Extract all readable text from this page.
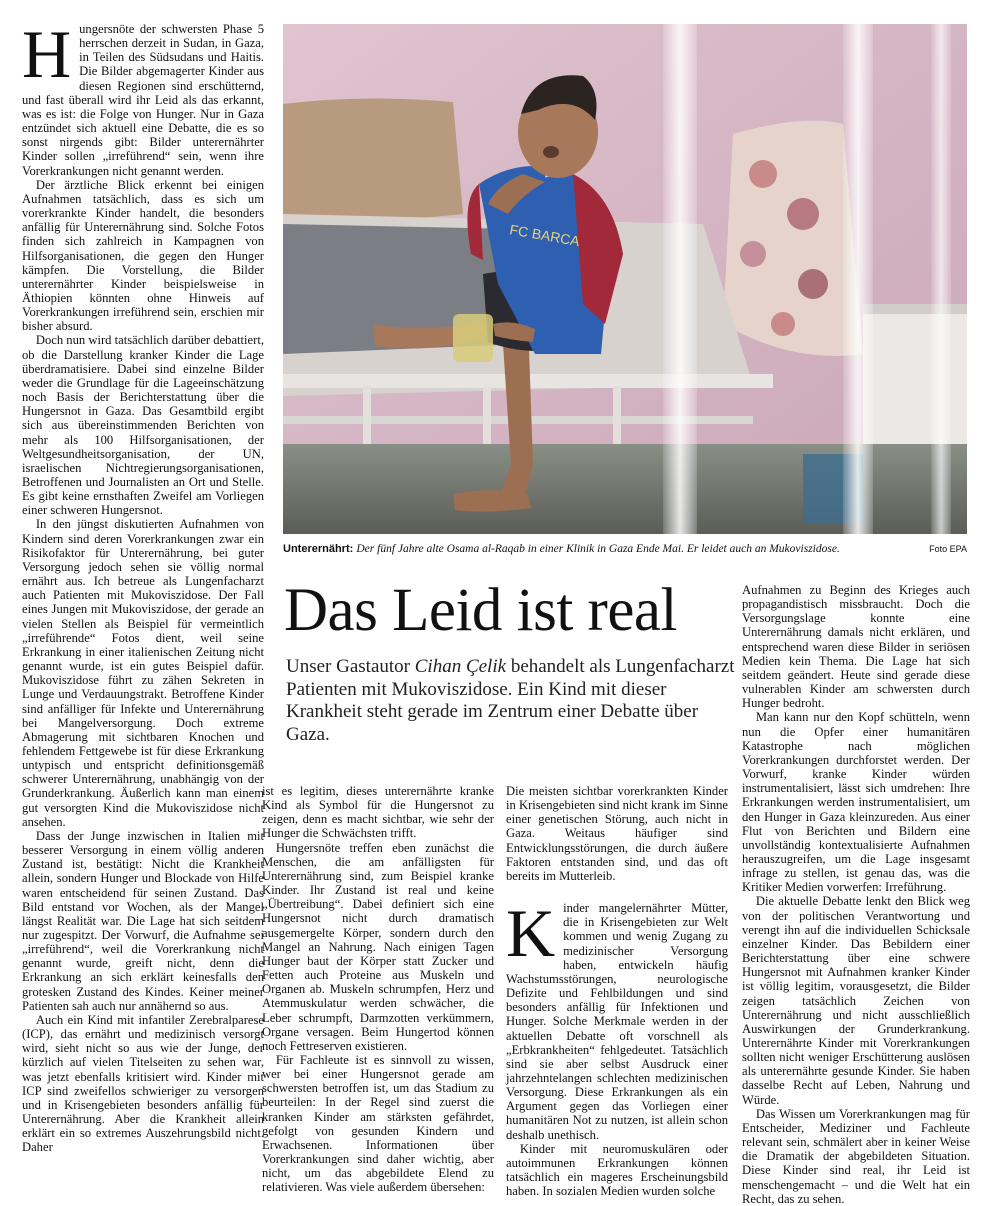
Hungersnöte der schwersten Phase 5 herrschen derzeit in Sudan, in Gaza, in Teilen des Südsudans und Haitis. Die Bilder abgemagerter Kinder aus diesen Regionen sind erschütternd, und fast überall wird ihr Leid als das erkannt, was es ist: die Folge von Hunger. Nur in Gaza entzündet sich aktuell eine Debatte, die es so sonst nirgends gibt: Bilder unterernährter Kinder sollen „irreführend“ sein, wenn ihre Vorerkrankungen nicht genannt werden.

Der ärztliche Blick erkennt bei einigen Aufnahmen tatsächlich, dass es sich um vorerkrankte Kinder handelt, die besonders anfällig für Unterernährung sind. Solche Fotos finden sich zahlreich in Kampagnen von Hilfsorganisationen, die gegen den Hunger kämpfen. Die Vorstellung, die Bilder unterernährter Kinder beispielsweise in Äthiopien könnten ohne Hinweis auf Vorerkrankungen irreführend sein, erschien mir bisher absurd.

Doch nun wird tatsächlich darüber debattiert, ob die Darstellung kranker Kinder die Lage überdramatisiere. Dabei sind einzelne Bilder weder die Grundlage für die Lageeinschätzung noch Basis der Berichterstattung über die Hungersnot in Gaza. Das Gesamtbild ergibt sich aus übereinstimmenden Berichten von mehr als 100 Hilfsorganisationen, der Weltgesundheitsorganisation, der UN, israelischen Nichtregierungsorganisationen, Betroffenen und Journalisten an Ort und Stelle. Es gibt keine ernsthaften Zweifel am Vorliegen einer schweren Hungersnot.

In den jüngst diskutierten Aufnahmen von Kindern sind deren Vorerkrankungen zwar ein Risikofaktor für Unterernährung, bei guter Versorgung jedoch sehen sie völlig normal ernährt aus. Ich betreue als Lungenfacharzt auch Patienten mit Mukoviszidose. Der Fall eines Jungen mit Mukoviszidose, der gerade an vielen Stellen als Beispiel für vermeintlich „irreführende“ Fotos dient, weil seine Erkrankung in einer italienischen Zeitung nicht genannt wurde, ist ein gutes Beispiel dafür. Mukoviszidose führt zu zähen Sekreten in Lunge und Verdauungstrakt. Betroffene Kinder sind anfälliger für Infekte und Unterernährung bei Mangelversorgung. Doch extreme Abmagerung mit sichtbaren Knochen und fehlendem Fettgewebe ist für diese Erkrankung untypisch und entspricht definitionsgemäß schwerer Unterernährung, unabhängig von der Grunderkrankung. Äußerlich kann man einem gut versorgten Kind die Mukoviszidose nicht ansehen.

Dass der Junge inzwischen in Italien mit besserer Versorgung in einem völlig anderen Zustand ist, bestätigt: Nicht die Krankheit allein, sondern Hunger und Blockade von Hilfe waren entscheidend für seinen Zustand. Das Bild entstand vor Wochen, als der Mangel längst Realität war. Die Lage hat sich seitdem nur zugespitzt. Der Vorwurf, die Aufnahme sei „irreführend“, weil die Vorerkrankung nicht genannt wurde, greift nicht, denn die Erkrankung an sich erklärt keinesfalls den grotesken Zustand des Kindes. Keiner meiner Patienten sah auch nur annähernd so aus.

Auch ein Kind mit infantiler Zerebralparese (ICP), das ernährt und medizinisch versorgt wird, sieht nicht so aus wie der Junge, der kürzlich auf vielen Titelseiten zu sehen war, was jetzt ebenfalls kritisiert wird. Kinder mit ICP sind zweifellos schwieriger zu versorgen und in Krisengebieten besonders anfällig für Unterernährung. Aber die Krankheit allein erklärt ein so extremes Auszehrungsbild nicht. Daher

FC BARCA
Unterernährt: Der fünf Jahre alte Osama al-Raqab in einer Klinik in Gaza Ende Mai. Er leidet auch an Mukoviszidose.	Foto EPA
Das Leid ist real
Unser Gastautor Cihan Çelik behandelt als Lungenfacharzt Patienten mit Mukoviszidose. Ein Kind mit dieser Krankheit steht gerade im Zentrum einer Debatte über Gaza.

ist es legitim, dieses unterernährte kranke Kind als Symbol für die Hungersnot zu zeigen, denn es macht sichtbar, wie sehr der Hunger die Schwächsten trifft.

Hungersnöte treffen eben zunächst die Menschen, die am anfälligsten für Unterernährung sind, zum Beispiel kranke Kinder. Ihr Zustand ist real und keine „Übertreibung“. Dabei definiert sich eine Hungersnot nicht durch dramatisch ausgemergelte Körper, sondern durch den Mangel an Nahrung. Nach einigen Tagen Hunger baut der Körper statt Zucker und Fetten auch Proteine aus Muskeln und Organen ab. Muskeln schrumpfen, Herz und Atemmuskulatur werden schwächer, die Leber schrumpft, Darmzotten verkümmern, Organe versagen. Beim Hungertod können noch Fettreserven existieren.

Für Fachleute ist es sinnvoll zu wissen, wer bei einer Hungersnot gerade am schwersten betroffen ist, um das Stadium zu beurteilen: In der Regel sind zuerst die kranken Kinder am stärksten gefährdet, gefolgt von gesunden Kindern und Erwachsenen. Informationen über Vorerkrankungen sind daher wichtig, aber nicht, um das abgebildete Elend zu relativieren. Was viele außerdem übersehen:

Die meisten sichtbar vorerkrankten Kinder in Krisengebieten sind nicht krank im Sinne einer genetischen Störung, auch nicht in Gaza. Weitaus häufiger sind Entwicklungsstörungen, die durch äußere Faktoren entstanden sind, und das oft bereits im Mutterleib.

Kinder mangelernährter Mütter, die in Krisengebieten zur Welt kommen und wenig Zugang zu medizinischer Versorgung haben, entwickeln häufig Wachstumsstörungen, neurologische Defizite und Fehlbildungen und sind besonders anfällig für Infektionen und Hunger. Solche Merkmale werden in der aktuellen Debatte oft vorschnell als „Erbkrankheiten“ fehlgedeutet. Tatsächlich sind sie aber selbst Ausdruck einer jahrzehntelangen schlechten medizinischen Versorgung. Diese Erkrankungen als ein Argument gegen das Vorliegen einer humanitären Not zu nutzen, ist allein schon deshalb unethisch.

Kinder mit neuromuskulären oder autoimmunen Erkrankungen können tatsächlich ein mageres Erscheinungsbild haben. In sozialen Medien wurden solche

Aufnahmen zu Beginn des Krieges auch propagandistisch missbraucht. Doch die Versorgungslage konnte eine Unterernährung damals nicht erklären, und entsprechend waren diese Bilder in seriösen Medien kein Thema. Die Lage hat sich seitdem geändert. Heute sind gerade diese vulnerablen Kinder am schwersten durch Hunger bedroht.

Man kann nur den Kopf schütteln, wenn nun die Opfer einer humanitären Katastrophe nach möglichen Vorerkrankungen durchforstet werden. Der Vorwurf, kranke Kinder würden instrumentalisiert, lässt sich umdrehen: Ihre Erkrankungen werden instrumentalisiert, um den Hunger in Gaza kleinzureden. Aus einer Flut von Berichten und Bildern eine unvollständig kontextualisierte Aufnahmen herauszugreifen, um die Lage insgesamt infrage zu stellen, ist genau das, was die Kritiker Medien vorwerfen: Irreführung.

Die aktuelle Debatte lenkt den Blick weg von der politischen Verantwortung und verengt ihn auf die individuellen Schicksale einzelner Kinder. Das Bebildern einer Berichterstattung über eine schwere Hungersnot mit Aufnahmen kranker Kinder ist völlig legitim, vorausgesetzt, die Bilder zeigen tatsächlich Zeichen von Unterernährung und nicht ausschließlich Auswirkungen der Grunderkrankung. Unterernährte Kinder mit Vorerkrankungen sollten nicht weniger Erschütterung auslösen als unterernährte gesunde Kinder. Sie haben dasselbe Recht auf Leben, Nahrung und Würde.

Das Wissen um Vorerkrankungen mag für Entscheider, Mediziner und Fachleute relevant sein, schmälert aber in keiner Weise die Dramatik der abgebildeten Situation. Diese Kinder sind real, ihr Leid ist menschengemacht – und die Welt hat ein Recht, das zu sehen.
